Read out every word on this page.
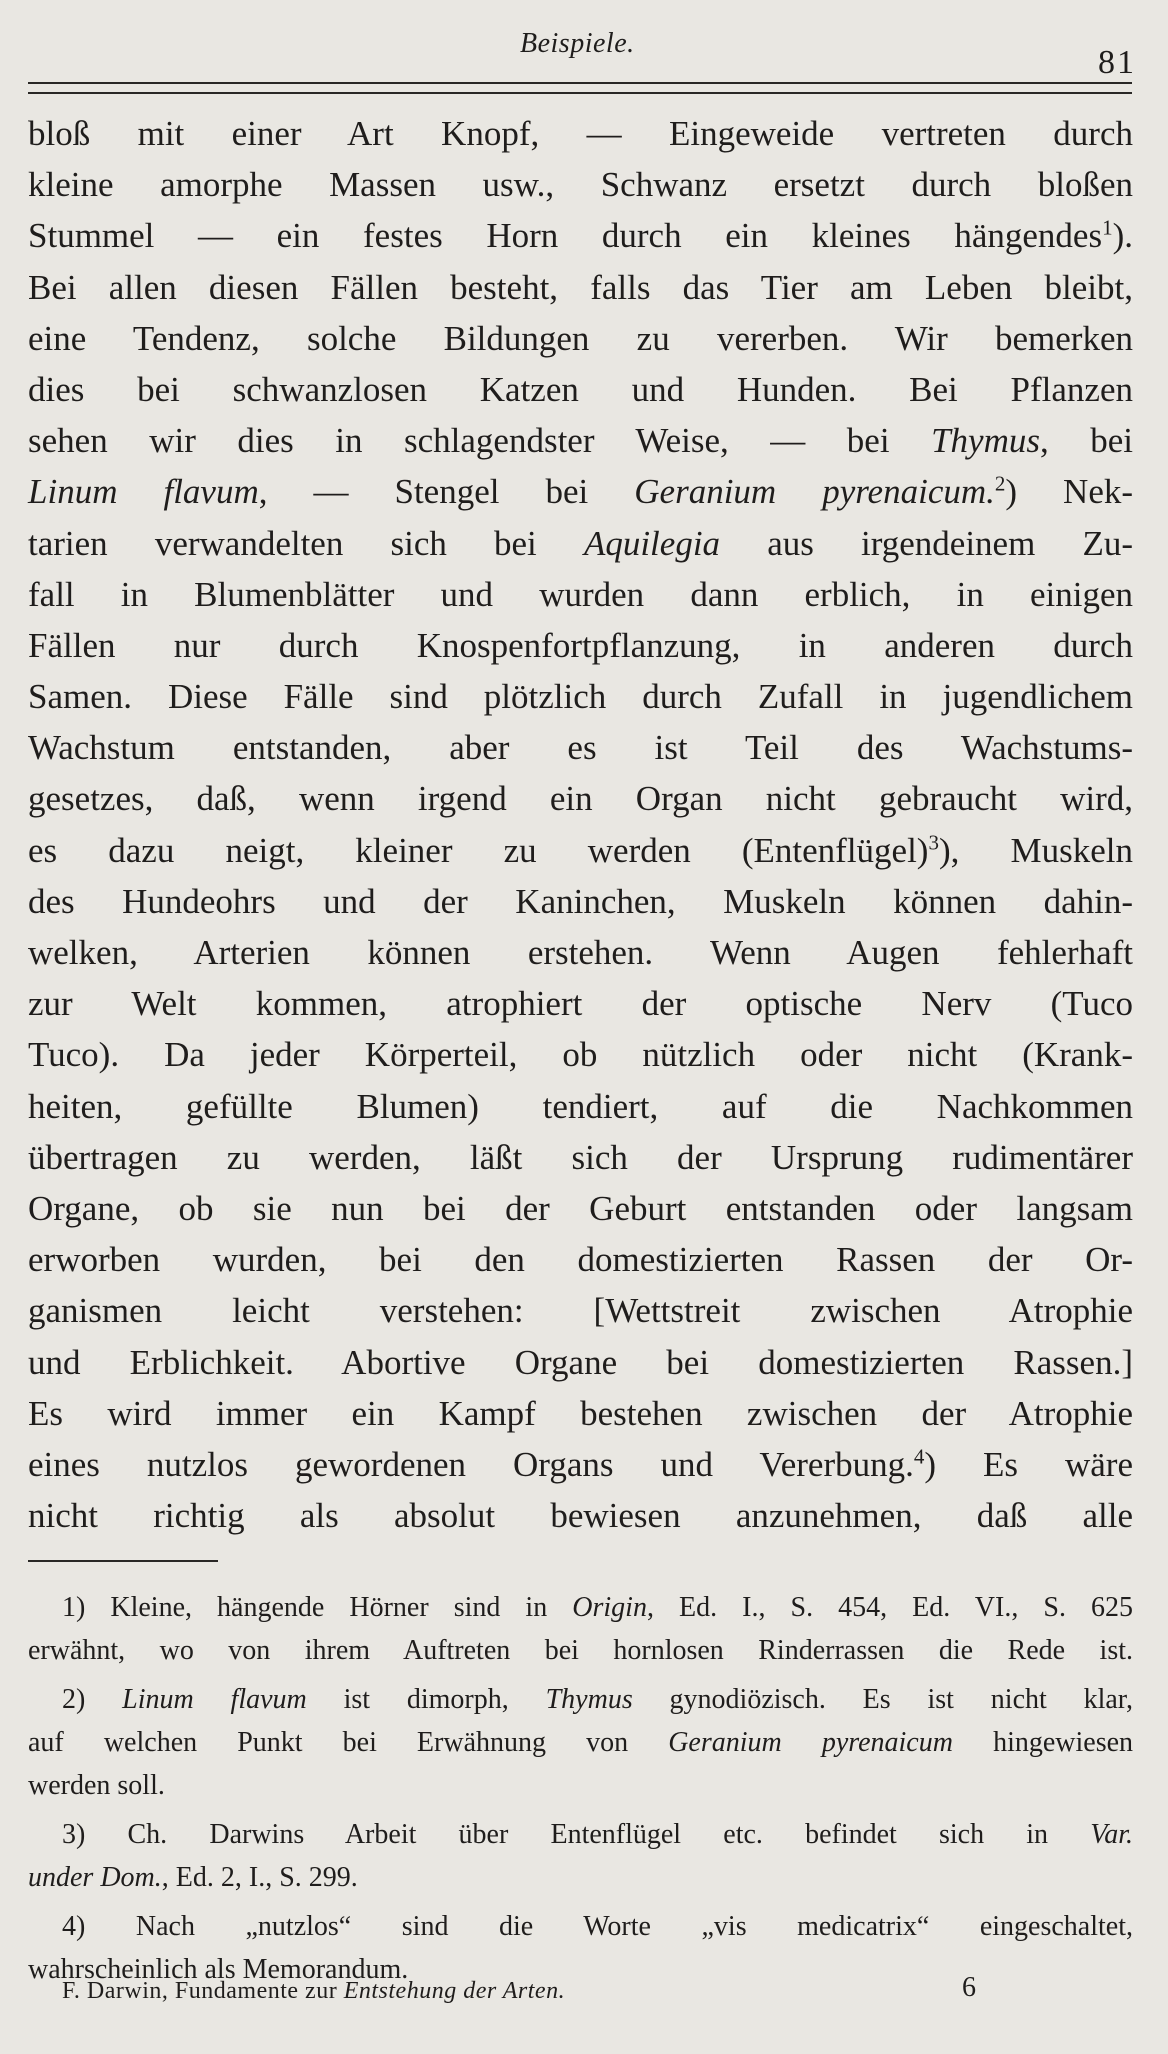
Beispiele.
81
bloß mit einer Art Knopf, — Eingeweide vertreten durch
kleine amorphe Massen usw., Schwanz ersetzt durch bloßen
Stummel — ein festes Horn durch ein kleines hängendes$^1$).
Bei allen diesen Fällen besteht, falls das Tier am Leben bleibt,
eine Tendenz, solche Bildungen zu vererben. Wir bemerken
dies bei schwanzlosen Katzen und Hunden. Bei Pflanzen
sehen wir dies in schlagendster Weise, — bei Thymus, bei
Linum flavum, — Stengel bei Geranium pyrenaicum.$^2$) Nek-
tarien verwandelten sich bei Aquilegia aus irgendeinem Zu-
fall in Blumenblätter und wurden dann erblich, in einigen
Fällen nur durch Knospenfortpflanzung, in anderen durch
Samen. Diese Fälle sind plötzlich durch Zufall in jugendlichem
Wachstum entstanden, aber es ist Teil des Wachstums-
gesetzes, daß, wenn irgend ein Organ nicht gebraucht wird,
es dazu neigt, kleiner zu werden (Entenflügel)$^3$), Muskeln
des Hundeohrs und der Kaninchen, Muskeln können dahin-
welken, Arterien können erstehen. Wenn Augen fehlerhaft
zur Welt kommen, atrophiert der optische Nerv (Tuco
Tuco). Da jeder Körperteil, ob nützlich oder nicht (Krank-
heiten, gefüllte Blumen) tendiert, auf die Nachkommen
übertragen zu werden, läßt sich der Ursprung rudimentärer
Organe, ob sie nun bei der Geburt entstanden oder langsam
erworben wurden, bei den domestizierten Rassen der Or-
ganismen leicht verstehen: [Wettstreit zwischen Atrophie
und Erblichkeit. Abortive Organe bei domestizierten Rassen.]
Es wird immer ein Kampf bestehen zwischen der Atrophie
eines nutzlos gewordenen Organs und Vererbung.$^4$) Es wäre
nicht richtig als absolut bewiesen anzunehmen, daß alle
1) Kleine, hängende Hörner sind in Origin, Ed. I., S. 454, Ed. VI., S. 625
erwähnt, wo von ihrem Auftreten bei hornlosen Rinderrassen die Rede ist.
2) Linum flavum ist dimorph, Thymus gynodiözisch. Es ist nicht klar,
auf welchen Punkt bei Erwähnung von Geranium pyrenaicum hingewiesen
werden soll.
3) Ch. Darwins Arbeit über Entenflügel etc. befindet sich in Var.
under Dom., Ed. 2, I., S. 299.
4) Nach „nutzlos“ sind die Worte „vis medicatrix“ eingeschaltet,
wahrscheinlich als Memorandum.
F. Darwin, Fundamente zur Entstehung der Arten.	6
